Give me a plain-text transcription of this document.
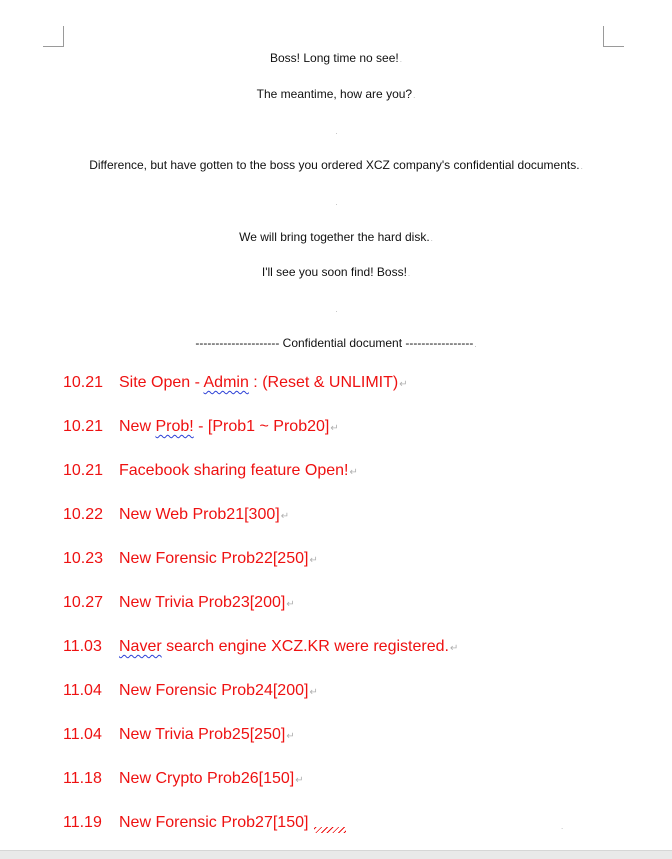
Boss! Long time no see!.
The meantime, how are you?.
.
Difference, but have gotten to the boss you ordered XCZ company's confidential documents..
.
We will bring together the hard disk..
I'll see you soon find! Boss!.
.
--------------------- Confidential document -----------------.
10.21 Site Open - Admin : (Reset & UNLIMIT)↵
10.21 New Prob! - [Prob1 ~ Prob20]↵
10.21 Facebook sharing feature Open!↵
10.22 New Web Prob21[300]↵
10.23 New Forensic Prob22[250]↵
10.27 New Trivia Prob23[200]↵
11.03 Naver search engine XCZ.KR were registered.↵
11.04 New Forensic Prob24[200]↵
11.04 New Trivia Prob25[250]↵
11.18 New Crypto Prob26[150]↵
11.19 New Forensic Prob27[150]	.
